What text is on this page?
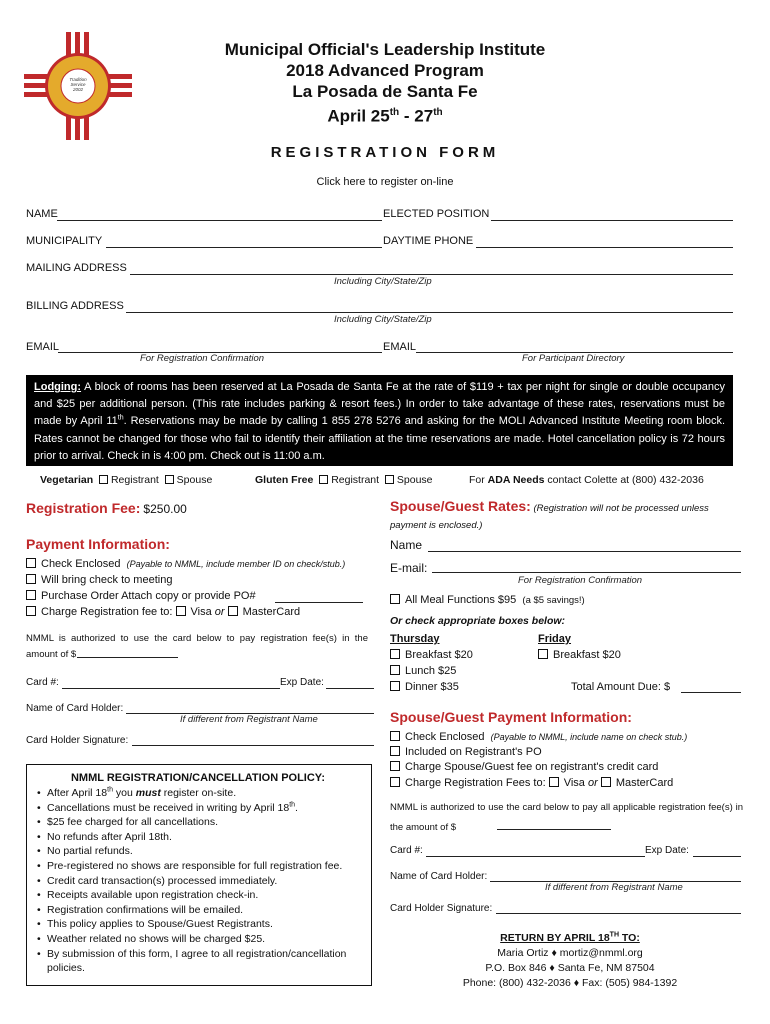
Tradition
Service
2002
Municipal Official's Leadership Institute
2018 Advanced Program
La Posada de Santa Fe
April 25th - 27th
REGISTRATION FORM
Click here to register on-line
NAME	ELECTED POSITION
MUNICIPALITY	DAYTIME PHONE
MAILING ADDRESS
Including City/State/Zip
BILLING ADDRESS
Including City/State/Zip
EMAIL
For Registration Confirmation
EMAIL
For Participant Directory
Lodging: A block of rooms has been reserved at La Posada de Santa Fe at the rate of $119 + tax per night for single or double occupancy and $25 per additional person. (This rate includes parking & resort fees.) In order to take advantage of these rates, reservations must be made by April 11th. Reservations may be made by calling 1 855 278 5276 and asking for the MOLI Advanced Institute Meeting room block. Rates cannot be changed for those who fail to identify their affiliation at the time reservations are made. Hotel cancellation policy is 72 hours prior to arrival. Check in is 4:00 pm. Check out is 11:00 a.m.
Vegetarian Registrant Spouse	Gluten Free Registrant Spouse	For ADA Needs contact Colette at (800) 432-2036
Registration Fee: $250.00
Payment Information:
Check Enclosed (Payable to NMML, include member ID on check/stub.)
Will bring check to meeting
Purchase Order Attach copy or provide PO#
Charge Registration fee to: Visa or MasterCard
NMML is authorized to use the card below to pay registration fee(s) in the amount of $
Card #:	Exp Date:
Name of Card Holder:
If different from Registrant Name
Card Holder Signature:
NMML REGISTRATION/CANCELLATION POLICY:
• After April 18th you must register on-site.
• Cancellations must be received in writing by April 18th.
• $25 fee charged for all cancellations.
• No refunds after April 18th.
• No partial refunds.
• Pre-registered no shows are responsible for full registration fee.
• Credit card transaction(s) processed immediately.
• Receipts available upon registration check-in.
• Registration confirmations will be emailed.
• This policy applies to Spouse/Guest Registrants.
• Weather related no shows will be charged $25.
• By submission of this form, I agree to all registration/cancellation policies.
Spouse/Guest Rates: (Registration will not be processed unless payment is enclosed.)
Name
E-mail:
For Registration Confirmation
All Meal Functions $95 (a $5 savings!)
Or check appropriate boxes below:
Thursday	Friday
Breakfast $20	Breakfast $20
Lunch $25
Dinner $35	Total Amount Due: $
Spouse/Guest Payment Information:
Check Enclosed (Payable to NMML, include name on check stub.)
Included on Registrant's PO
Charge Spouse/Guest fee on registrant's credit card
Charge Registration Fees to: Visa or MasterCard
NMML is authorized to use the card below to pay all applicable registration fee(s) in the amount of $
Card #:	Exp Date:
Name of Card Holder:
If different from Registrant Name
Card Holder Signature:
RETURN BY APRIL 18TH TO:
Maria Ortiz ♦ mortiz@nmml.org
P.O. Box 846 ♦ Santa Fe, NM 87504
Phone: (800) 432-2036 ♦ Fax: (505) 984-1392
